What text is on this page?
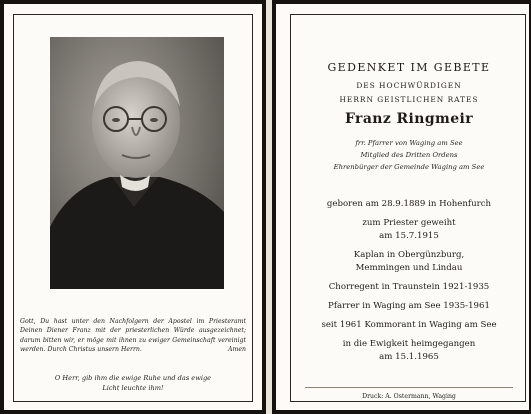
Gott, Du hast unter den Nachfolgern der Apostel im Priesteramt Deinen Diener Franz mit der priesterlichen Würde ausgezeichnet; darum bitten wir, er möge mit ihnen zu ewiger Gemeinschaft vereinigt werden. Durch Christus unsern Herrn.	Amen
O Herr, gib ihm die ewige Ruhe und das ewige
Licht leuchte ihm!
GEDENKET IM GEBETE
DES HOCHWÜRDIGEN
HERRN GEISTLICHEN RATES
Franz Ringmeir
frr. Pfarrer von Waging am See
Mitglied des Dritten Ordens
Ehrenbürger der Gemeinde Waging am See
geboren am 28.9.1889 in Hohenfurch
zum Priester geweiht
am 15.7.1915
Kaplan in Obergünzburg,
Memmingen und Lindau
Chorregent in Traunstein 1921-1935
Pfarrer in Waging am See 1935-1961
seit 1961 Kommorant in Waging am See
in die Ewigkeit heimgegangen
am 15.1.1965
Druck: A. Ostermann, Waging
